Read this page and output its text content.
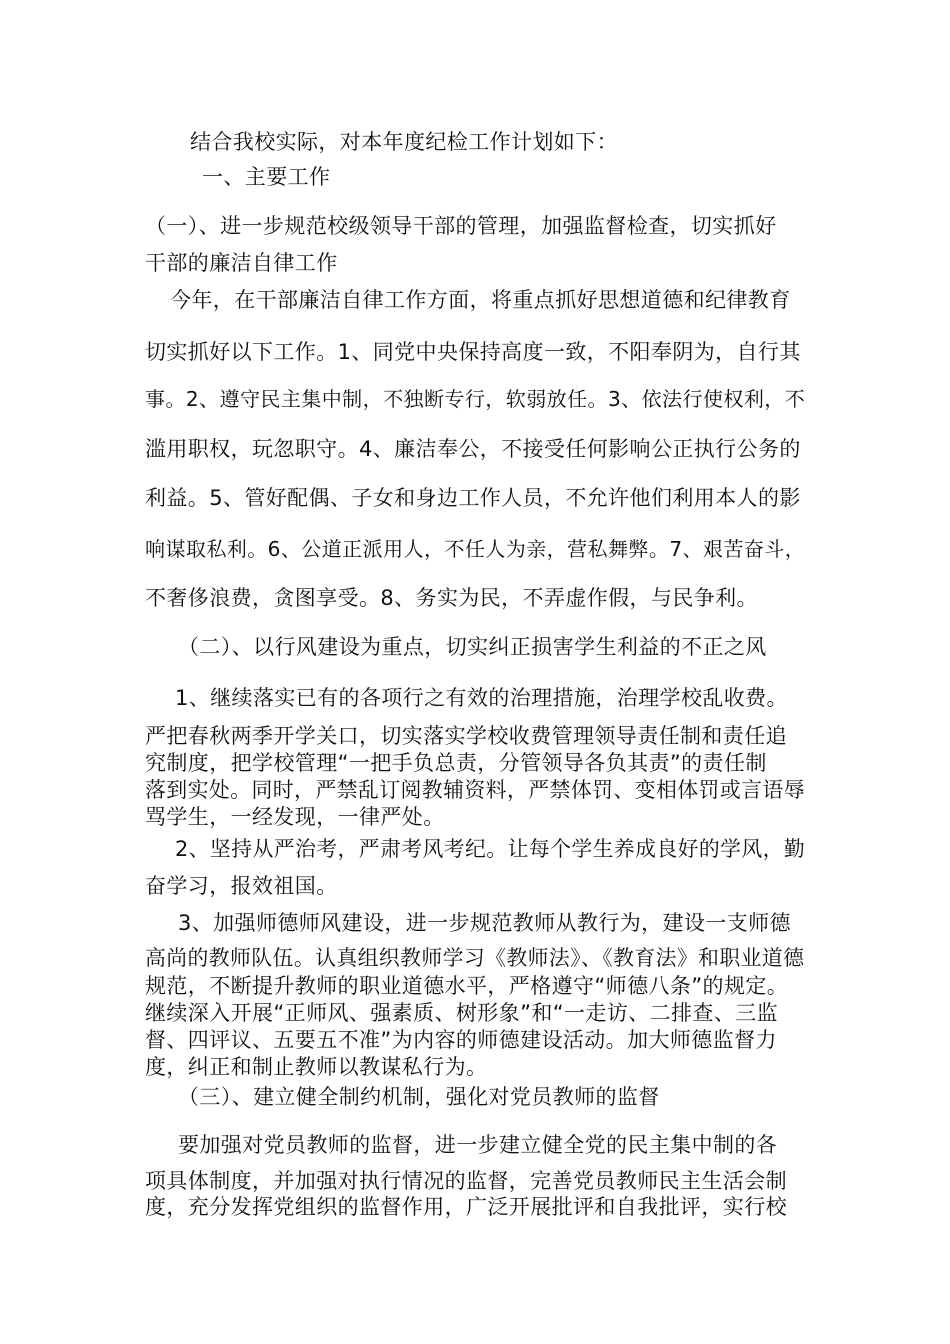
结合我校实际，对本年度纪检工作计划如下：
一、主要工作
（一）、进一步规范校级领导干部的管理，加强监督检查，切实抓好
干部的廉洁自律工作
今年，在干部廉洁自律工作方面，将重点抓好思想道德和纪律教育
切实抓好以下工作。1、同党中央保持高度一致，不阳奉阴为，自行其
事。2、遵守民主集中制，不独断专行，软弱放任。3、依法行使权利，不
滥用职权，玩忽职守。4、廉洁奉公，不接受任何影响公正执行公务的
利益。5、管好配偶、子女和身边工作人员，不允许他们利用本人的影
响谋取私利。6、公道正派用人，不任人为亲，营私舞弊。7、艰苦奋斗，
不奢侈浪费，贪图享受。8、务实为民，不弄虚作假，与民争利。
（二）、以行风建设为重点，切实纠正损害学生利益的不正之风
1、继续落实已有的各项行之有效的治理措施，治理学校乱收费。
严把春秋两季开学关口，切实落实学校收费管理领导责任制和责任追
究制度，把学校管理“一把手负总责，分管领导各负其责”的责任制
落到实处。同时，严禁乱订阅教辅资料，严禁体罚、变相体罚或言语辱
骂学生，一经发现，一律严处。
2、坚持从严治考，严肃考风考纪。让每个学生养成良好的学风，勤
奋学习，报效祖国。
3、加强师德师风建设，进一步规范教师从教行为，建设一支师德
高尚的教师队伍。认真组织教师学习《教师法》、《教育法》和职业道德
规范，不断提升教师的职业道德水平，严格遵守“师德八条”的规定。
继续深入开展“正师风、强素质、树形象”和“一走访、二排查、三监
督、四评议、五要五不准”为内容的师德建设活动。加大师德监督力
度，纠正和制止教师以教谋私行为。
（三）、建立健全制约机制，强化对党员教师的监督
要加强对党员教师的监督，进一步建立健全党的民主集中制的各
项具体制度，并加强对执行情况的监督，完善党员教师民主生活会制
度，充分发挥党组织的监督作用，广泛开展批评和自我批评，实行校
